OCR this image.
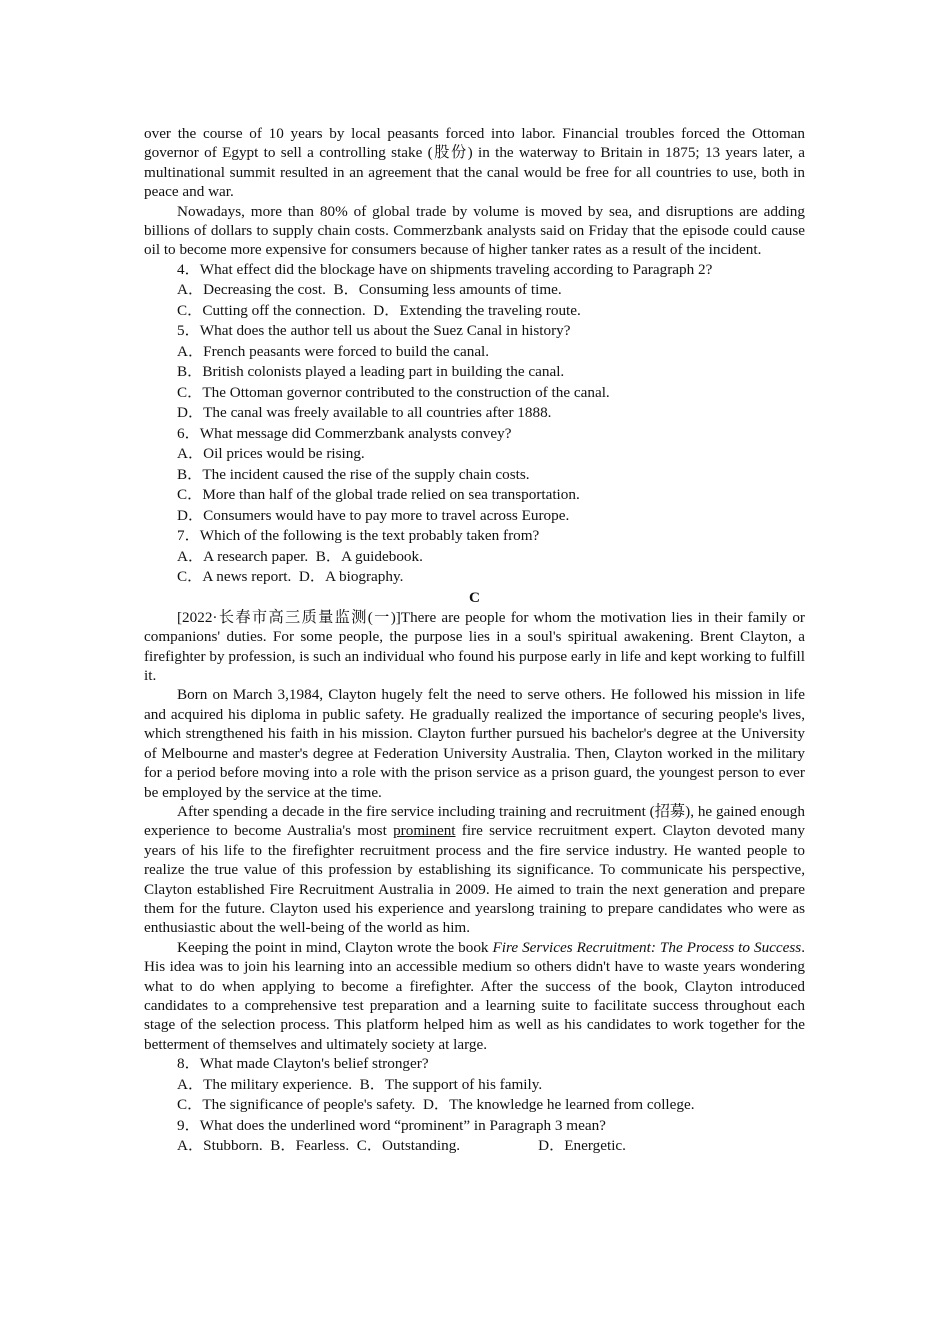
over the course of 10 years by local peasants forced into labor. Financial troubles forced the Ottoman governor of Egypt to sell a controlling stake (股份) in the waterway to Britain in 1875; 13 years later, a multinational summit resulted in an agreement that the canal would be free for all countries to use, both in peace and war.

Nowadays, more than 80% of global trade by volume is moved by sea, and disruptions are adding billions of dollars to supply chain costs. Commerzbank analysts said on Friday that the episode could cause oil to become more expensive for consumers because of higher tanker rates as a result of the incident.

4．What effect did the blockage have on shipments traveling according to Paragraph 2?

A．Decreasing the cost. B．Consuming less amounts of time.

C．Cutting off the connection. D．Extending the traveling route.

5．What does the author tell us about the Suez Canal in history?

A．French peasants were forced to build the canal.

B．British colonists played a leading part in building the canal.

C．The Ottoman governor contributed to the construction of the canal.

D．The canal was freely available to all countries after 1888.

6．What message did Commerzbank analysts convey?

A．Oil prices would be rising.

B．The incident caused the rise of the supply chain costs.

C．More than half of the global trade relied on sea transportation.

D．Consumers would have to pay more to travel across Europe.

7．Which of the following is the text probably taken from?

A．A research paper. B．A guidebook.

C．A news report. D．A biography.

C

[2022·长春市高三质量监测(一)]There are people for whom the motivation lies in their family or companions' duties. For some people, the purpose lies in a soul's spiritual awakening. Brent Clayton, a firefighter by profession, is such an individual who found his purpose early in life and kept working to fulfill it.

Born on March 3,1984, Clayton hugely felt the need to serve others. He followed his mission in life and acquired his diploma in public safety. He gradually realized the importance of securing people's lives, which strengthened his faith in his mission. Clayton further pursued his bachelor's degree at the University of Melbourne and master's degree at Federation University Australia. Then, Clayton worked in the military for a period before moving into a role with the prison service as a prison guard, the youngest person to ever be employed by the service at the time.

After spending a decade in the fire service including training and recruitment (招募), he gained enough experience to become Australia's most prominent fire service recruitment expert. Clayton devoted many years of his life to the firefighter recruitment process and the fire service industry. He wanted people to realize the true value of this profession by establishing its significance. To communicate his perspective, Clayton established Fire Recruitment Australia in 2009. He aimed to train the next generation and prepare them for the future. Clayton used his experience and yearslong training to prepare candidates who were as enthusiastic about the well-being of the world as him.

Keeping the point in mind, Clayton wrote the book Fire Services Recruitment: The Process to Success. His idea was to join his learning into an accessible medium so others didn't have to waste years wondering what to do when applying to become a firefighter. After the success of the book, Clayton introduced candidates to a comprehensive test preparation and a learning suite to facilitate success throughout each stage of the selection process. This platform helped him as well as his candidates to work together for the betterment of themselves and ultimately society at large.

8．What made Clayton's belief stronger?

A．The military experience. B．The support of his family.

C．The significance of people's safety. D．The knowledge he learned from college.

9．What does the underlined word “prominent” in Paragraph 3 mean?

A．Stubborn. B．Fearless. C．Outstanding.	D．Energetic.
